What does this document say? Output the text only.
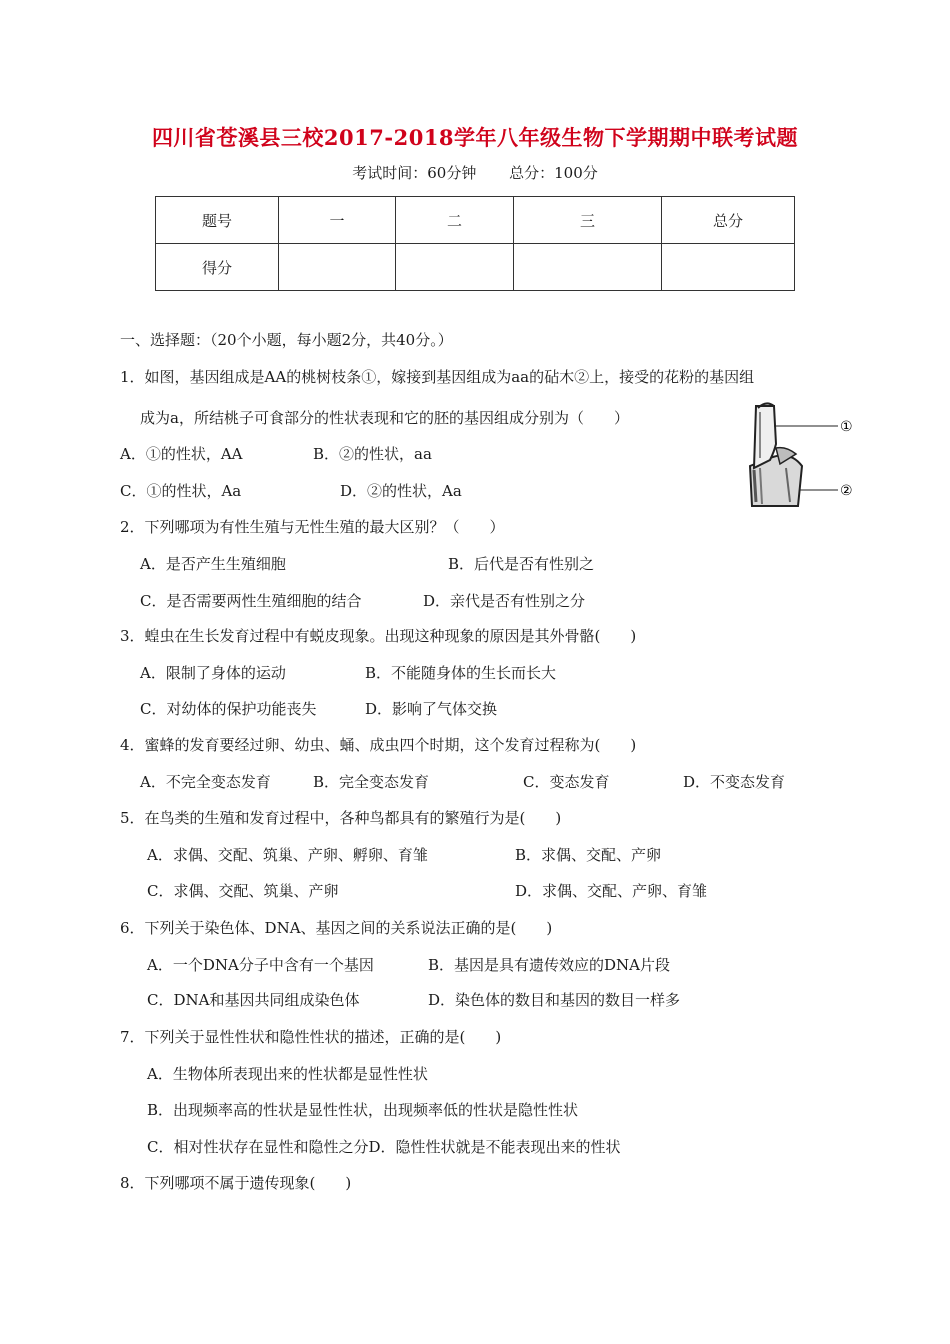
四川省苍溪县三校2017-2018学年八年级生物下学期期中联考试题
考试时间：60分钟 总分：100分
题号	一	二	三	总分
得分				
一、选择题：（20个小题，每小题2分，共40分。）
1．如图，基因组成是AA的桃树枝条①，嫁接到基因组成为aa的砧木②上，接受的花粉的基因组
成为a，所结桃子可食部分的性状表现和它的胚的基因组成分别为（　　）
A．①的性状，AA	B．②的性状，aa
C．①的性状，Aa	D．②的性状，Aa
①
②
2．下列哪项为有性生殖与无性生殖的最大区别？（　　）
A．是否产生生殖细胞	B．后代是否有性别之
C．是否需要两性生殖细胞的结合	D．亲代是否有性别之分
3．蝗虫在生长发育过程中有蜕皮现象。出现这种现象的原因是其外骨骼(　　)
A．限制了身体的运动	B．不能随身体的生长而长大
C．对幼体的保护功能丧失	D．影响了气体交换
4．蜜蜂的发育要经过卵、幼虫、蛹、成虫四个时期，这个发育过程称为(　　)
A．不完全变态发育	B．完全变态发育	C．变态发育	D．不变态发育
5．在鸟类的生殖和发育过程中，各种鸟都具有的繁殖行为是(　　)
A．求偶、交配、筑巢、产卵、孵卵、育雏	B．求偶、交配、产卵
C．求偶、交配、筑巢、产卵	D．求偶、交配、产卵、育雏
6．下列关于染色体、DNA、基因之间的关系说法正确的是(　　)
A．一个DNA分子中含有一个基因	B．基因是具有遗传效应的DNA片段
C．DNA和基因共同组成染色体	D．染色体的数目和基因的数目一样多
7．下列关于显性性状和隐性性状的描述，正确的是(　　)
A．生物体所表现出来的性状都是显性性状
B．出现频率高的性状是显性性状，出现频率低的性状是隐性性状
C．相对性状存在显性和隐性之分D．隐性性状就是不能表现出来的性状
8．下列哪项不属于遗传现象(　　)
